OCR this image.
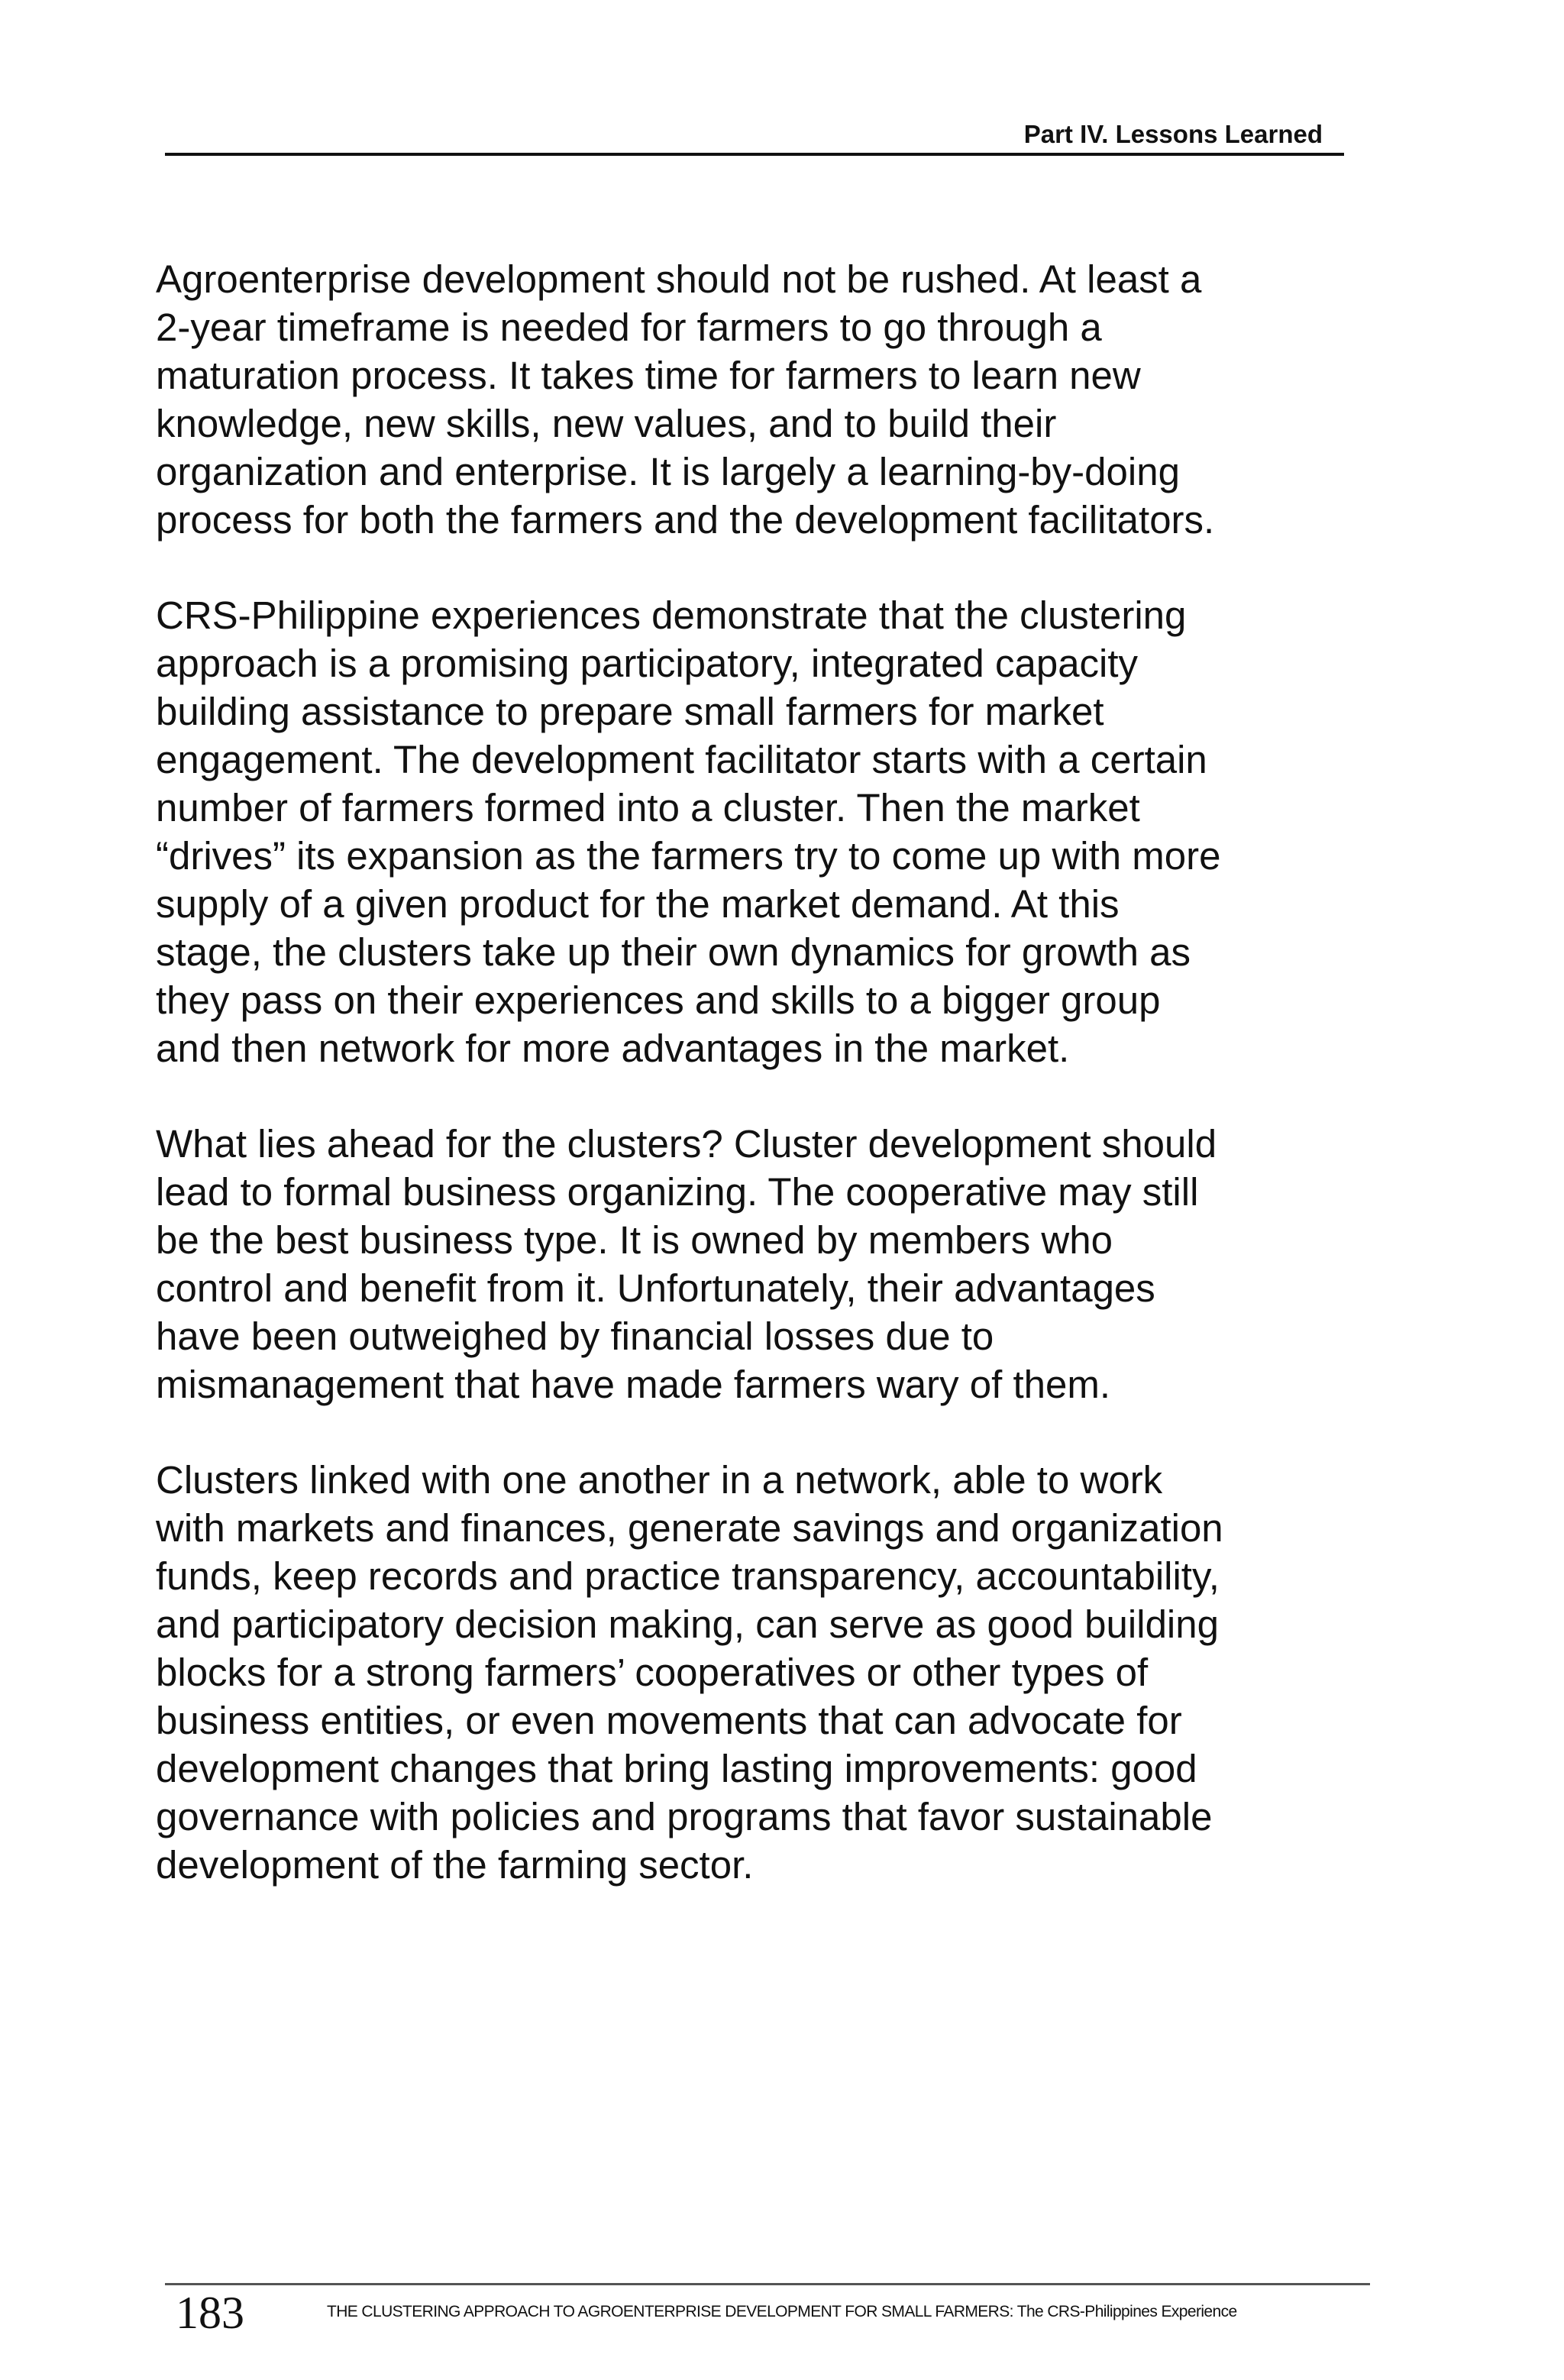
Part IV. Lessons Learned

Agroenterprise development should not be rushed. At least a
2-year timeframe is needed for farmers to go through a
maturation process. It takes time for farmers to learn new
knowledge, new skills, new values, and to build their
organization and enterprise. It is largely a learning-by-doing
process for both the farmers and the development facilitators.

CRS-Philippine experiences demonstrate that the clustering
approach is a promising participatory, integrated capacity
building assistance to prepare small farmers for market
engagement. The development facilitator starts with a certain
number of farmers formed into a cluster. Then the market
“drives” its expansion as the farmers try to come up with more
supply of a given product for the market demand. At this
stage, the clusters take up their own dynamics for growth as
they pass on their experiences and skills to a bigger group
and then network for more advantages in the market.

What lies ahead for the clusters? Cluster development should
lead to formal business organizing. The cooperative may still
be the best business type. It is owned by members who
control and benefit from it. Unfortunately, their advantages
have been outweighed by financial losses due to
mismanagement that have made farmers wary of them.

Clusters linked with one another in a network, able to work
with markets and finances, generate savings and organization
funds, keep records and practice transparency, accountability,
and participatory decision making, can serve as good building
blocks for a strong farmers’ cooperatives or other types of
business entities, or even movements that can advocate for
development changes that bring lasting improvements: good
governance with policies and programs that favor sustainable
development of the farming sector.

183	THE CLUSTERING APPROACH TO AGROENTERPRISE DEVELOPMENT FOR SMALL FARMERS: The CRS-Philippines Experience
